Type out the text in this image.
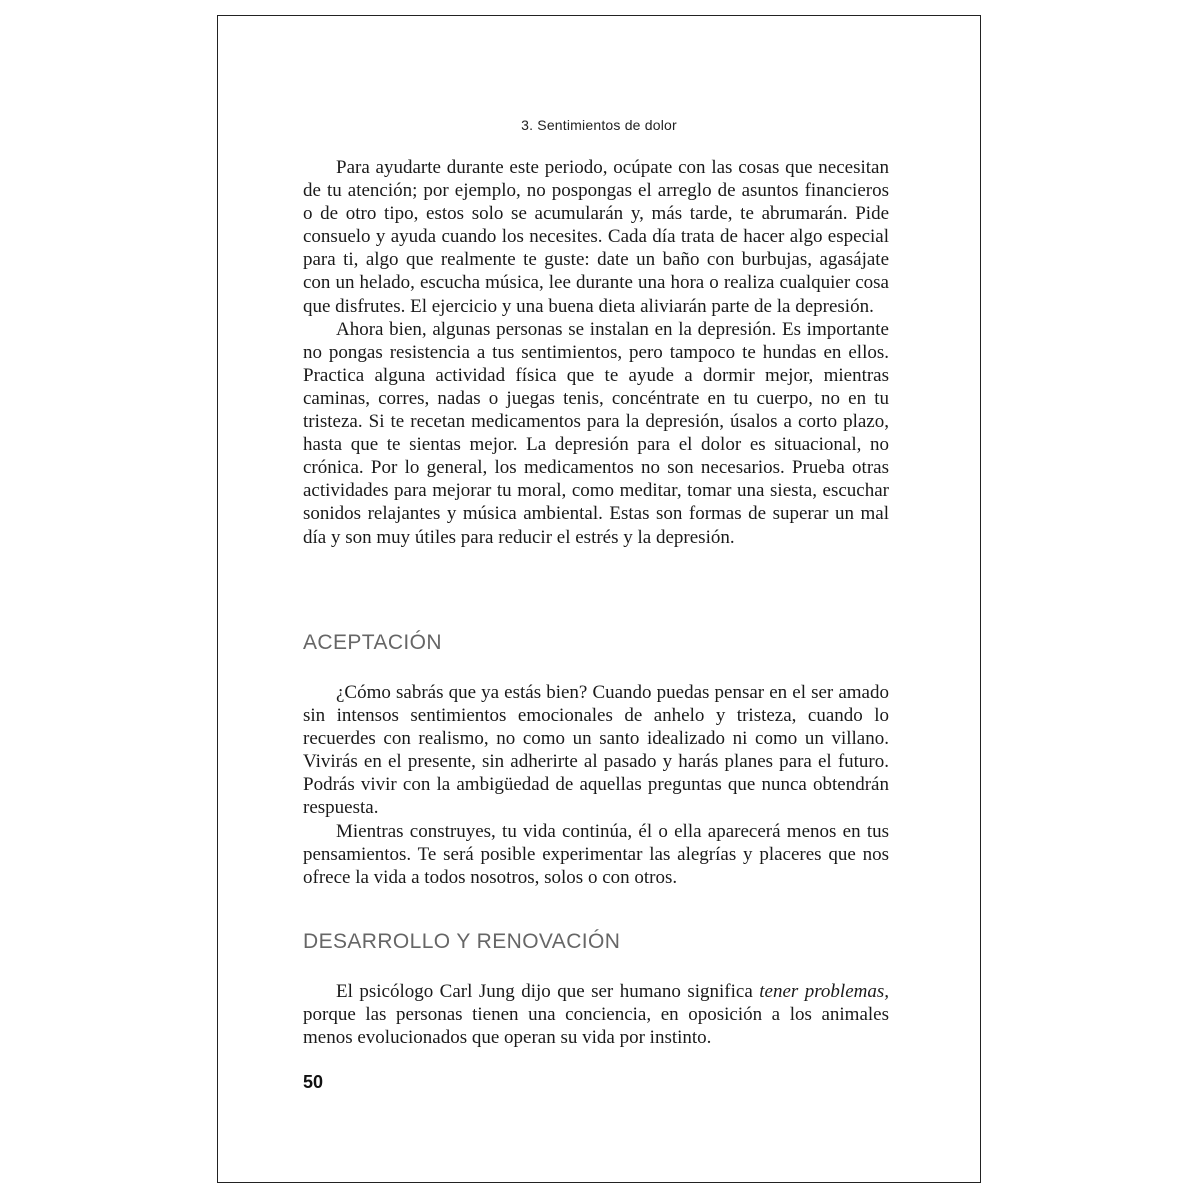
3. Sentimientos de dolor

Para ayudarte durante este periodo, ocúpate con las cosas que necesitan de tu atención; por ejemplo, no pospongas el arreglo de asuntos financieros o de otro tipo, estos solo se acumularán y, más tarde, te abrumarán. Pide consuelo y ayuda cuando los necesites. Cada día trata de hacer algo especial para ti, algo que realmente te guste: date un baño con burbujas, agasájate con un helado, escucha música, lee durante una hora o realiza cualquier cosa que disfrutes. El ejercicio y una buena dieta aliviarán parte de la depresión.

Ahora bien, algunas personas se instalan en la depresión. Es importante no pongas resistencia a tus sentimientos, pero tampoco te hundas en ellos. Practica alguna actividad física que te ayude a dormir mejor, mientras caminas, corres, nadas o juegas tenis, concéntrate en tu cuerpo, no en tu tristeza. Si te recetan medicamentos para la depresión, úsalos a corto plazo, hasta que te sientas mejor. La depresión para el dolor es situacional, no crónica. Por lo general, los medicamentos no son necesarios. Prueba otras actividades para mejorar tu moral, como meditar, tomar una siesta, escuchar sonidos relajantes y música ambiental. Estas son formas de superar un mal día y son muy útiles para reducir el estrés y la depresión.

ACEPTACIÓN

¿Cómo sabrás que ya estás bien? Cuando puedas pensar en el ser amado sin intensos sentimientos emocionales de anhelo y tristeza, cuando lo recuerdes con realismo, no como un santo idealizado ni como un villano. Vivirás en el presente, sin adherirte al pasado y harás planes para el futuro. Podrás vivir con la ambigüedad de aquellas preguntas que nunca obtendrán respuesta.

Mientras construyes, tu vida continúa, él o ella aparecerá menos en tus pensamientos. Te será posible experimentar las alegrías y placeres que nos ofrece la vida a todos nosotros, solos o con otros.

DESARROLLO Y RENOVACIÓN

El psicólogo Carl Jung dijo que ser humano significa tener problemas, porque las personas tienen una conciencia, en oposición a los animales menos evolucionados que operan su vida por instinto.

50
